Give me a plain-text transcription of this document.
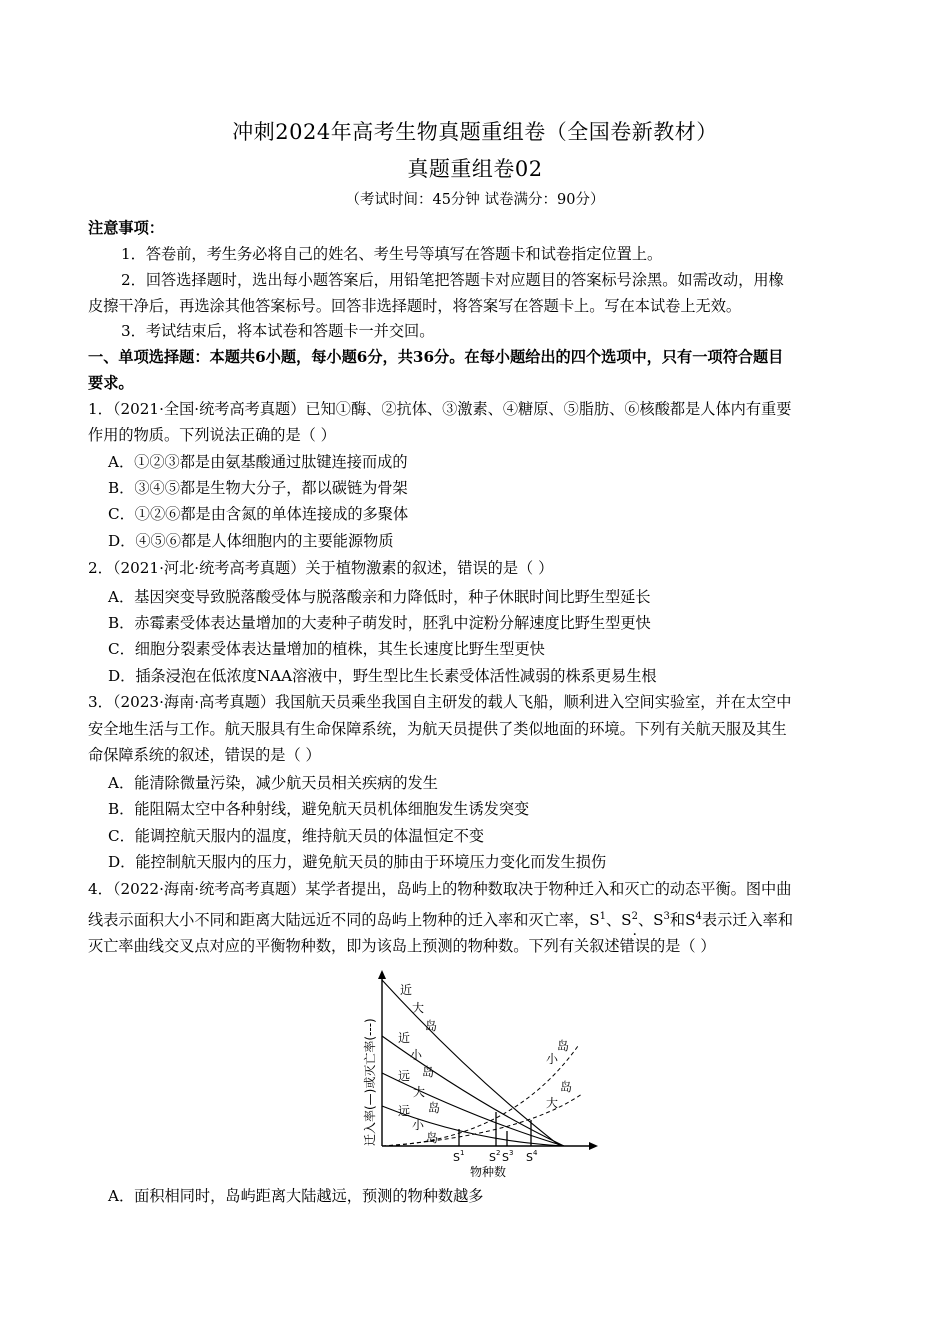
冲刺2024年高考生物真题重组卷（全国卷新教材）
真题重组卷02
（考试时间：45分钟 试卷满分：90分）
注意事项：
1．答卷前，考生务必将自己的姓名、考生号等填写在答题卡和试卷指定位置上。
2．回答选择题时，选出每小题答案后，用铅笔把答题卡对应题目的答案标号涂黑。如需改动，用橡
皮擦干净后，再选涂其他答案标号。回答非选择题时，将答案写在答题卡上。写在本试卷上无效。
3．考试结束后，将本试卷和答题卡一并交回。
一、单项选择题：本题共6小题，每小题6分，共36分。在每小题给出的四个选项中，只有一项符合题目
要求。
1．（2021·全国·统考高考真题）已知①酶、②抗体、③激素、④糖原、⑤脂肪、⑥核酸都是人体内有重要
作用的物质。下列说法正确的是（ ）
A．①②③都是由氨基酸通过肽键连接而成的
B．③④⑤都是生物大分子，都以碳链为骨架
C．①②⑥都是由含氮的单体连接成的多聚体
D．④⑤⑥都是人体细胞内的主要能源物质
2．（2021·河北·统考高考真题）关于植物激素的叙述，错误的是（ ）
A．基因突变导致脱落酸受体与脱落酸亲和力降低时，种子休眠时间比野生型延长
B．赤霉素受体表达量增加的大麦种子萌发时，胚乳中淀粉分解速度比野生型更快
C．细胞分裂素受体表达量增加的植株，其生长速度比野生型更快
D．插条浸泡在低浓度NAA溶液中，野生型比生长素受体活性减弱的株系更易生根
3．（2023·海南·高考真题）我国航天员乘坐我国自主研发的载人飞船，顺利进入空间实验室，并在太空中
安全地生活与工作。航天服具有生命保障系统，为航天员提供了类似地面的环境。下列有关航天服及其生
命保障系统的叙述，错误的是（ ）
A．能清除微量污染，减少航天员相关疾病的发生
B．能阻隔太空中各种射线，避免航天员机体细胞发生诱发突变
C．能调控航天服内的温度，维持航天员的体温恒定不变
D．能控制航天服内的压力，避免航天员的肺由于环境压力变化而发生损伤
4．（2022·海南·统考高考真题）某学者提出，岛屿上的物种数取决于物种迁入和灭亡的动态平衡。图中曲
线表示面积大小不同和距离大陆远近不同的岛屿上物种的迁入率和灭亡率，$S^1$、$S^2$、$S^3$和$S^4$表示迁入率和
灭亡率曲线交叉点对应的平衡物种数，即为该岛上预测的物种数。下列有关叙述错误的是（ ）
近
大
岛
近
小
岛
远
大
岛
远
小
岛
小
岛
大
岛
S 1 S 2 S 3 S 4
物种数
迁入率(—)或灭亡率(---)
A．面积相同时，岛屿距离大陆越远，预测的物种数越多
